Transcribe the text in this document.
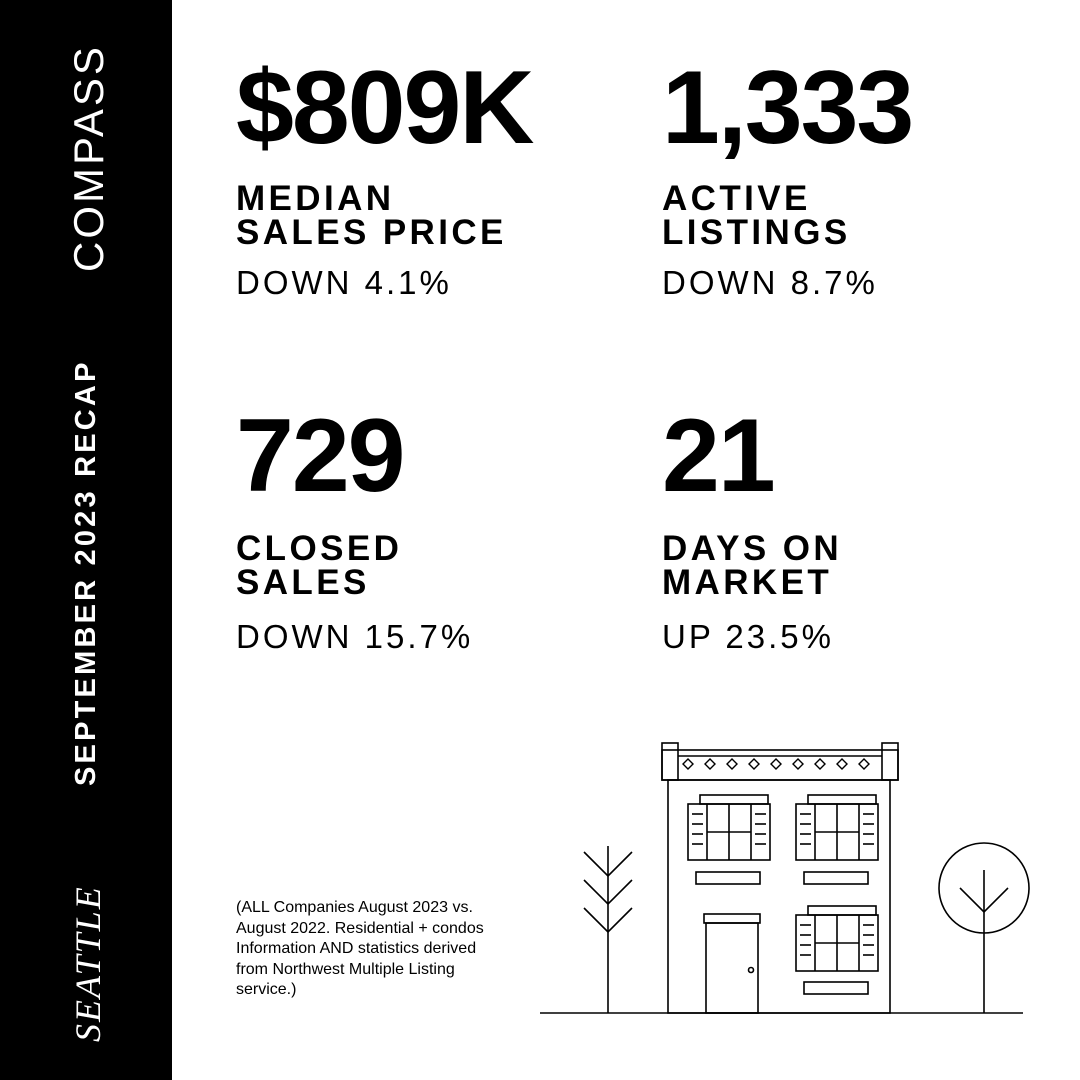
COMPASS
SEPTEMBER 2023 RECAP
SEATTLE
$809K
MEDIAN
SALES PRICE
DOWN 4.1%
1,333
ACTIVE
LISTINGS
DOWN 8.7%
729
CLOSED
SALES
DOWN 15.7%
21
DAYS ON
MARKET
UP 23.5%
(ALL Companies August 2023 vs. August 2022. Residential + condos Information AND statistics derived from Northwest Multiple Listing service.)
